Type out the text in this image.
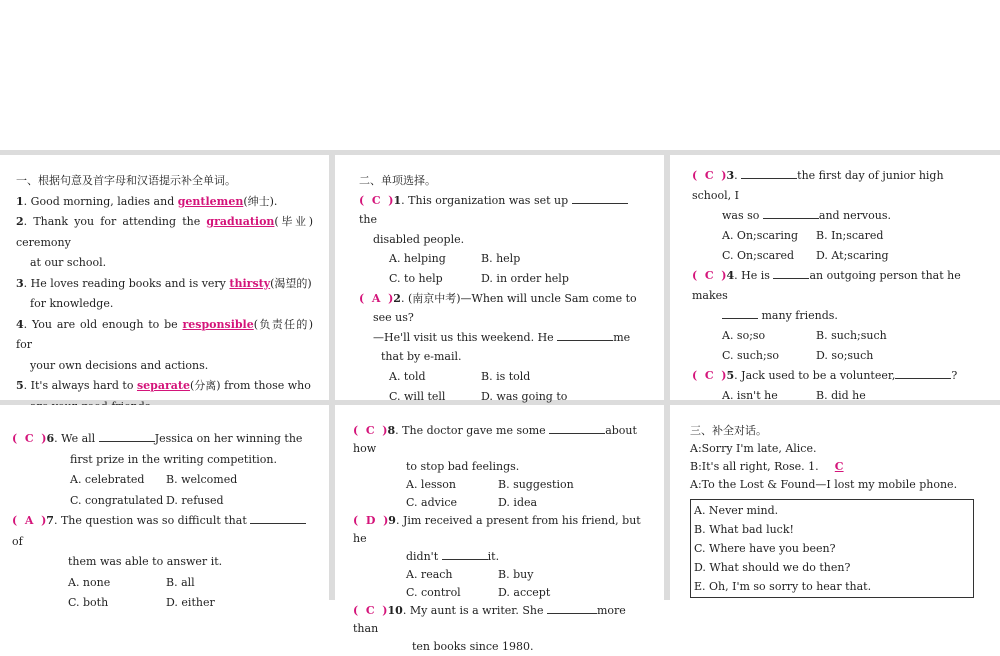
一、根据句意及首字母和汉语提示补全单词。
1. Good morning, ladies and gentlemen(绅士).
2. Thank you for attending the graduation(毕业) ceremony
at our school.
3. He loves reading books and is very thirsty(渴望的)
for knowledge.
4. You are old enough to be responsible(负责任的) for
your own decisions and actions.
5. It's always hard to separate(分离) from those who
二、单项选择。
(  C  )1. This organization was set up the
disabled people.
A. helping	B. help
C. to help	D. in order help
(  A  )2. (南京中考)—When will uncle Sam come to
see us?
—He'll visit us this weekend. He	me
that by e-mail.
A. told	B. is told
C. will tell	D. was going to
(  C  )3.	the first day of junior high school, I
was so	and nervous.
A. On;scaring	B. In;scared
C. On;scared	D. At;scaring
(  C  )4. He is	an outgoing person that he makes
many friends.
A. so;so	B. such;such
C. such;so	D. so;such
(  C  )5. Jack used to be a volunteer,	?
A. isn't he	B. did he
(  C  )6. We all	Jessica on her winning the
first prize in the writing competition.
A. celebrated	B. welcomed
C. congratulated D. refused
(  A  )7. The question was so difficult that of
them was able to answer it.
A. none	B. all
C. both	D. either
(  C  )8. The doctor gave me some	about how
to stop bad feelings.
A. lesson	B. suggestion
C. advice	D. idea
(  D  )9. Jim received a present from his friend, but he
didn't	it.
A. reach	B. buy
C. control	D. accept
(  C  )10. My aunt is a writer. She	more than
ten books since 1980.
三、补全对话。
A:Sorry I'm late, Alice.
B:It's all right, Rose. 1. C
A:To the Lost & Found—I lost my mobile phone.
A. Never mind.
B. What bad luck!
C. Where have you been?
D. What should we do then?
E. Oh, I'm so sorry to hear that.
